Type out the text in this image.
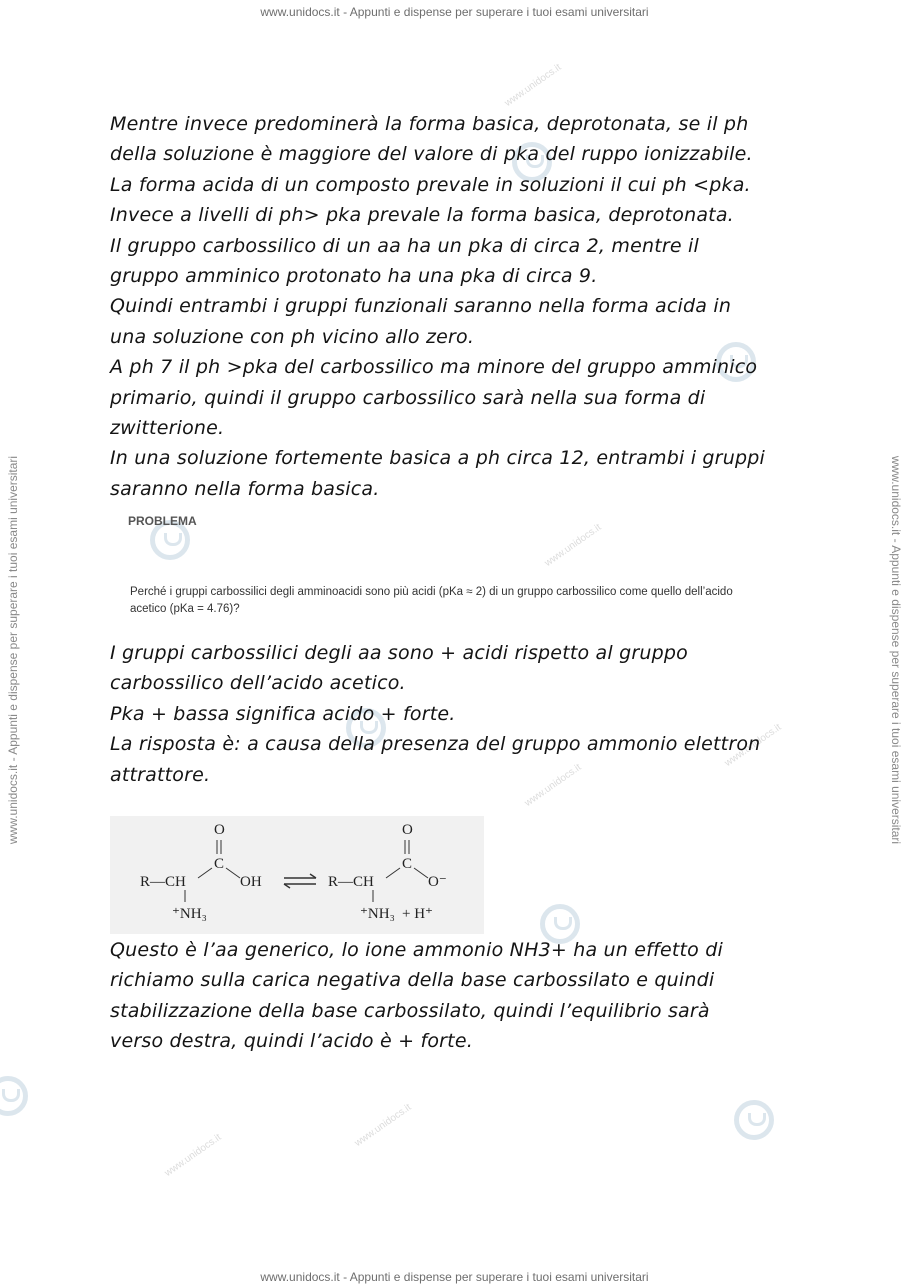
www.unidocs.it - Appunti e dispense per superare i tuoi esami universitari
www.unidocs.it - Appunti e dispense per superare i tuoi esami universitari
www.unidocs.it - Appunti e dispense per superare i tuoi esami universitari	www.unidocs.it - Appunti e dispense per superare i tuoi esami universitari
www.unidocs.it
www.unidocs.it
www.unidocs.it
www.unidocs.it
www.unidocs.it
www.unidocs.it

Mentre invece predominerà la forma basica, deprotonata, se il ph

della soluzione è maggiore del valore di pka del ruppo ionizzabile.

La forma acida di un composto prevale in soluzioni il cui ph <pka.

Invece a livelli di ph> pka prevale la forma basica, deprotonata.

Il gruppo carbossilico di un aa ha un pka di circa 2, mentre il

gruppo amminico protonato ha una pka di circa 9.

Quindi entrambi i gruppi funzionali saranno nella forma acida in

una soluzione con ph vicino allo zero.

A ph 7 il ph >pka del carbossilico ma minore del gruppo amminico

primario, quindi il gruppo carbossilico sarà nella sua forma di

zwitterione.

In una soluzione fortemente basica a ph circa 12, entrambi i gruppi

saranno nella forma basica.

PROBLEMA
Perché i gruppi carbossilici degli amminoacidi sono più acidi (pKa ≈ 2) di un gruppo carbossilico come quello dell’acido
acetico (pKa = 4.76)?

I gruppi carbossilici degli aa sono + acidi rispetto al gruppo

carbossilico dell’acido acetico.

Pka + bassa significa acido + forte.

La risposta è: a causa della presenza del gruppo ammonio elettron

attrattore.

O
C
R—CH	OH
⁺NH₃
O
C
R—CH	O⁻
⁺NH₃ + H⁺

Questo è l’aa generico, lo ione ammonio NH3+ ha un effetto di

richiamo sulla carica negativa della base carbossilato e quindi

stabilizzazione della base carbossilato, quindi l’equilibrio sarà

verso destra, quindi l’acido è + forte.
